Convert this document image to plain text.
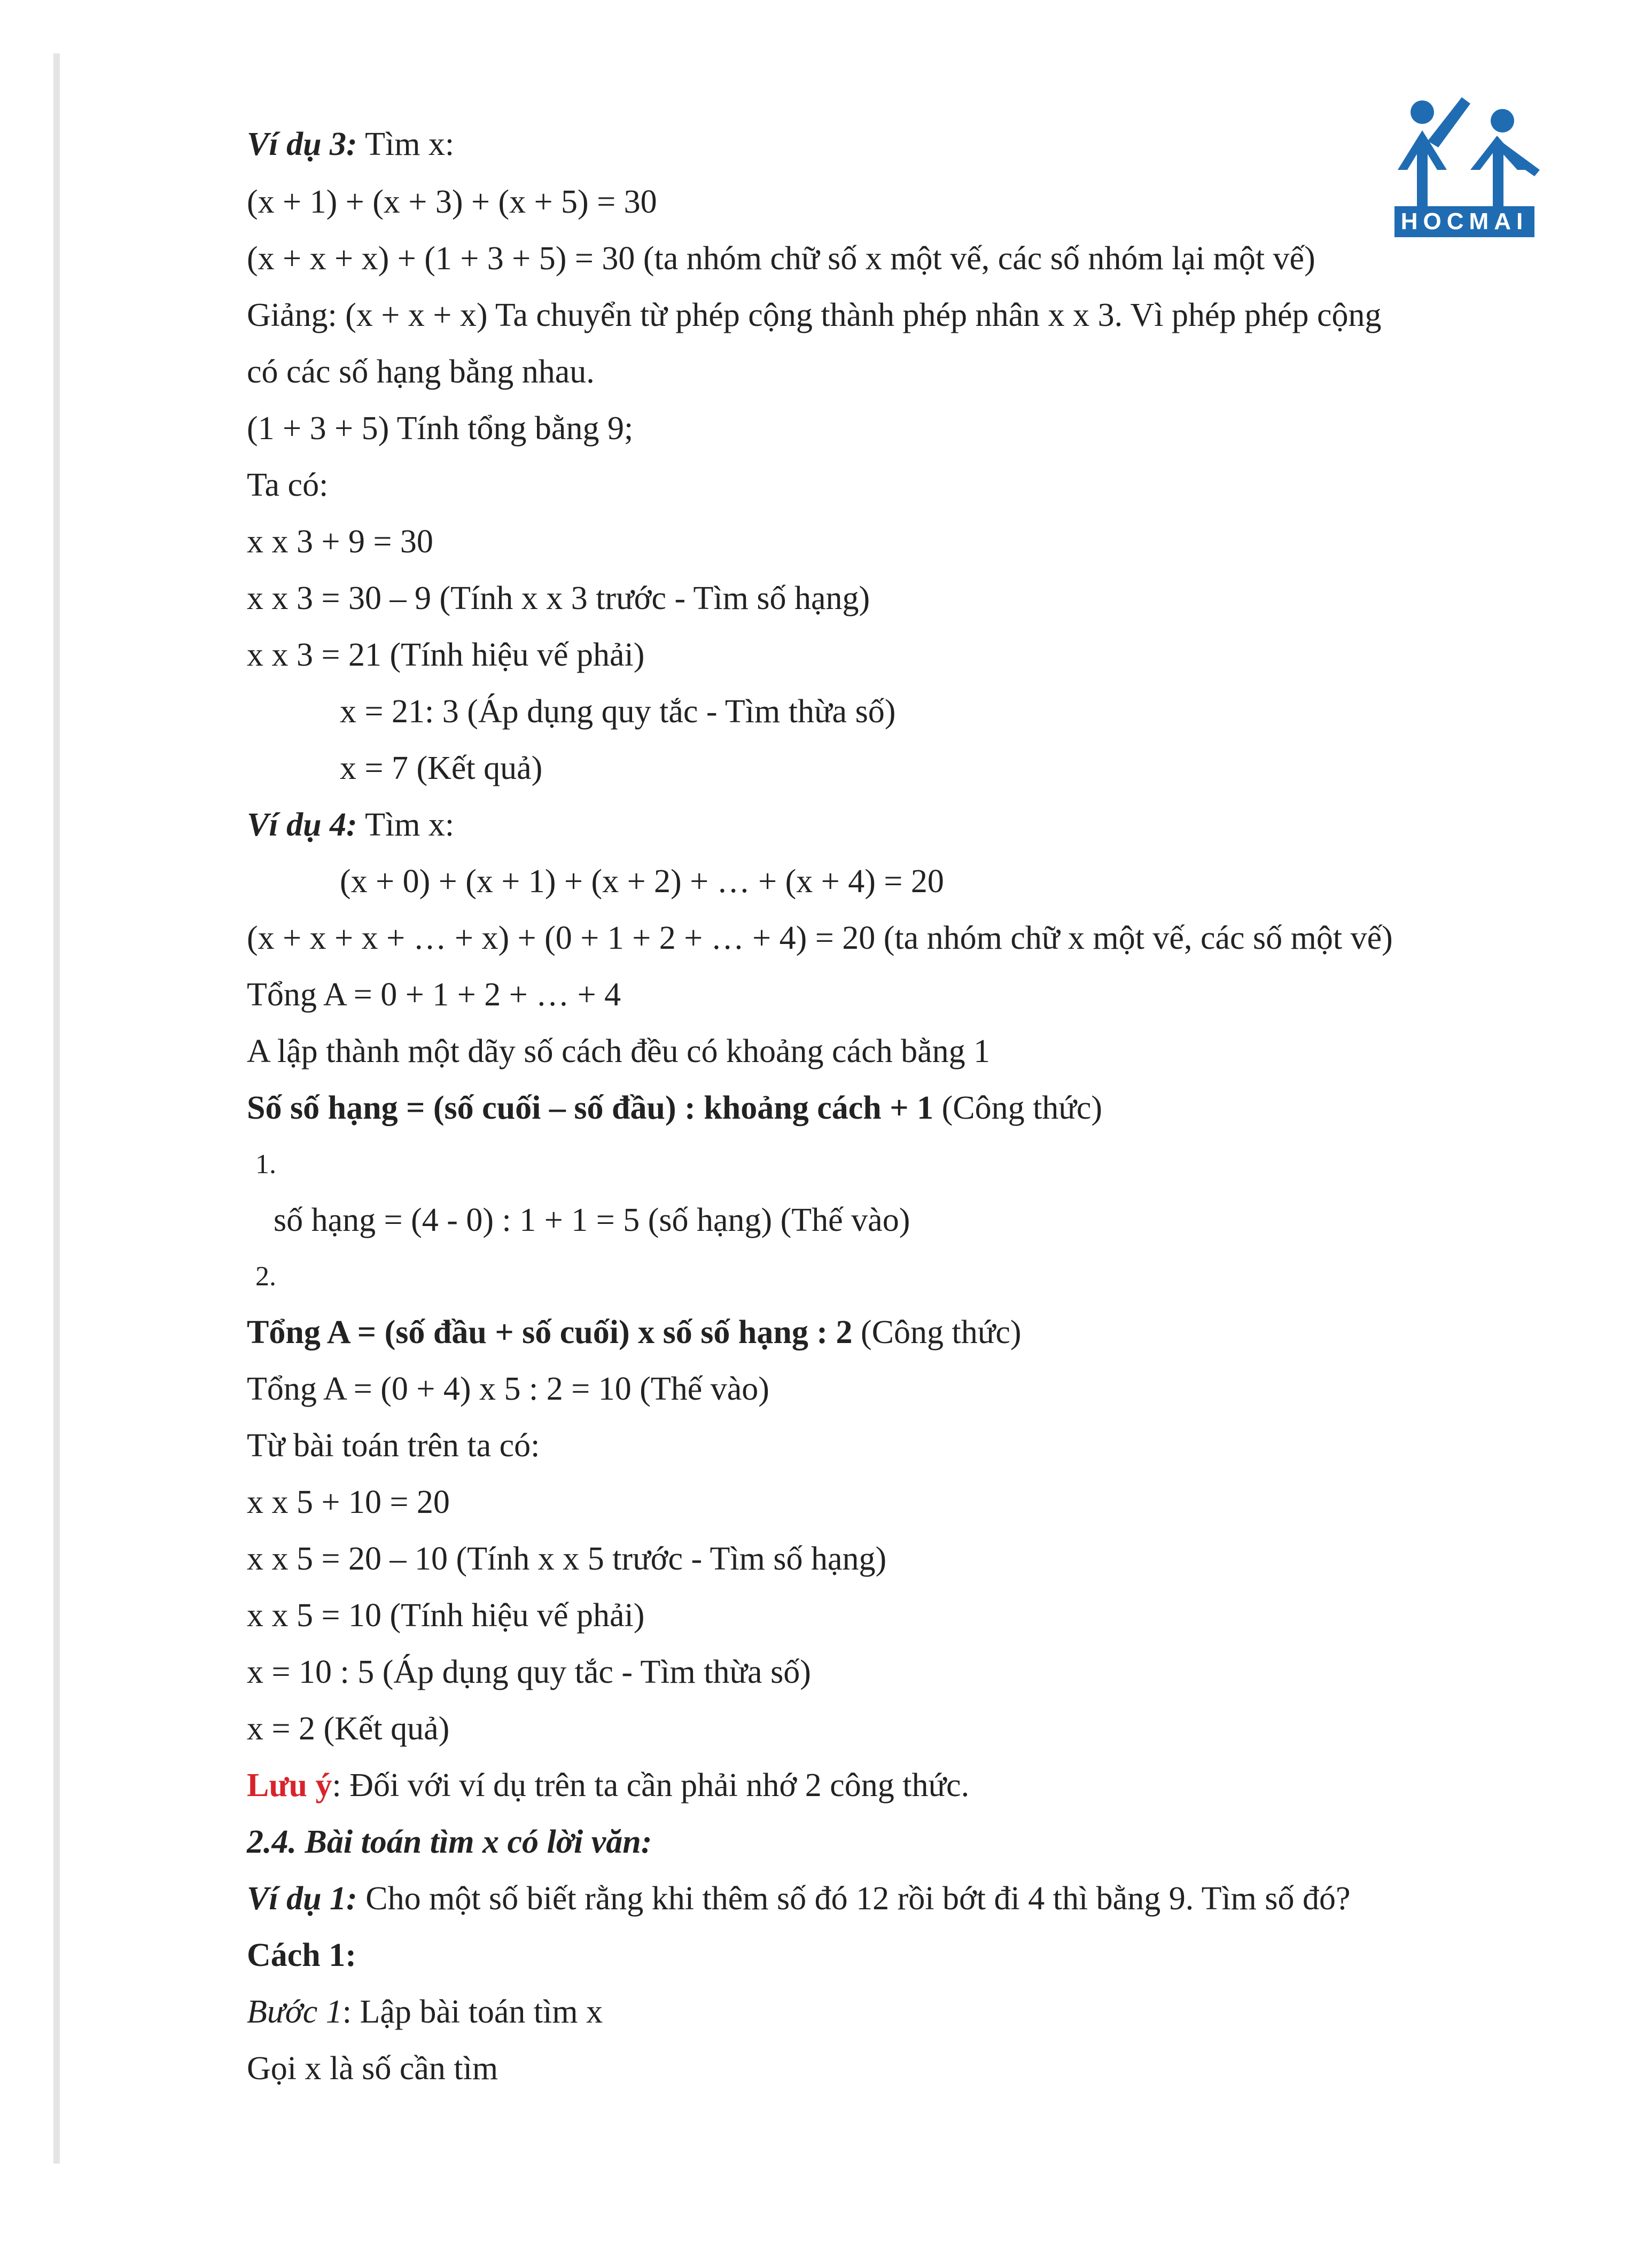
HOCMAI

Ví dụ 3: Tìm x:

(x + 1) + (x + 3) + (x + 5) = 30

(x + x + x) + (1 + 3 + 5) = 30 (ta nhóm chữ số x một vế, các số nhóm lại một vế)

Giảng: (x + x + x) Ta chuyển từ phép cộng thành phép nhân x x 3. Vì phép phép cộng

có các số hạng bằng nhau.

(1 + 3 + 5) Tính tổng bằng 9;

Ta có:

x x 3 + 9 = 30

x x 3 = 30 – 9 (Tính x x 3 trước - Tìm số hạng)

x x 3 = 21 (Tính hiệu vế phải)

x = 21: 3 (Áp dụng quy tắc - Tìm thừa số)

x = 7 (Kết quả)

Ví dụ 4: Tìm x:

(x + 0) + (x + 1) + (x + 2) + … + (x + 4) = 20

(x + x + x + … + x) + (0 + 1 + 2 + … + 4) = 20 (ta nhóm chữ x một vế, các số một vế)

Tổng A = 0 + 1 + 2 + … + 4

A lập thành một dãy số cách đều có khoảng cách bằng 1

Số số hạng = (số cuối – số đầu) : khoảng cách + 1 (Công thức)

1.

số hạng = (4 - 0) : 1 + 1 = 5 (số hạng) (Thế vào)

2.

Tổng A = (số đầu + số cuối) x số số hạng : 2 (Công thức)

Tổng A = (0 + 4) x 5 : 2 = 10 (Thế vào)

Từ bài toán trên ta có:

x x 5 + 10 = 20

x x 5 = 20 – 10 (Tính x x 5 trước - Tìm số hạng)

x x 5 = 10 (Tính hiệu vế phải)

x = 10 : 5 (Áp dụng quy tắc - Tìm thừa số)

x = 2 (Kết quả)

Lưu ý: Đối với ví dụ trên ta cần phải nhớ 2 công thức.

2.4. Bài toán tìm x có lời văn:

Ví dụ 1: Cho một số biết rằng khi thêm số đó 12 rồi bớt đi 4 thì bằng 9. Tìm số đó?

Cách 1:

Bước 1: Lập bài toán tìm x

Gọi x là số cần tìm
